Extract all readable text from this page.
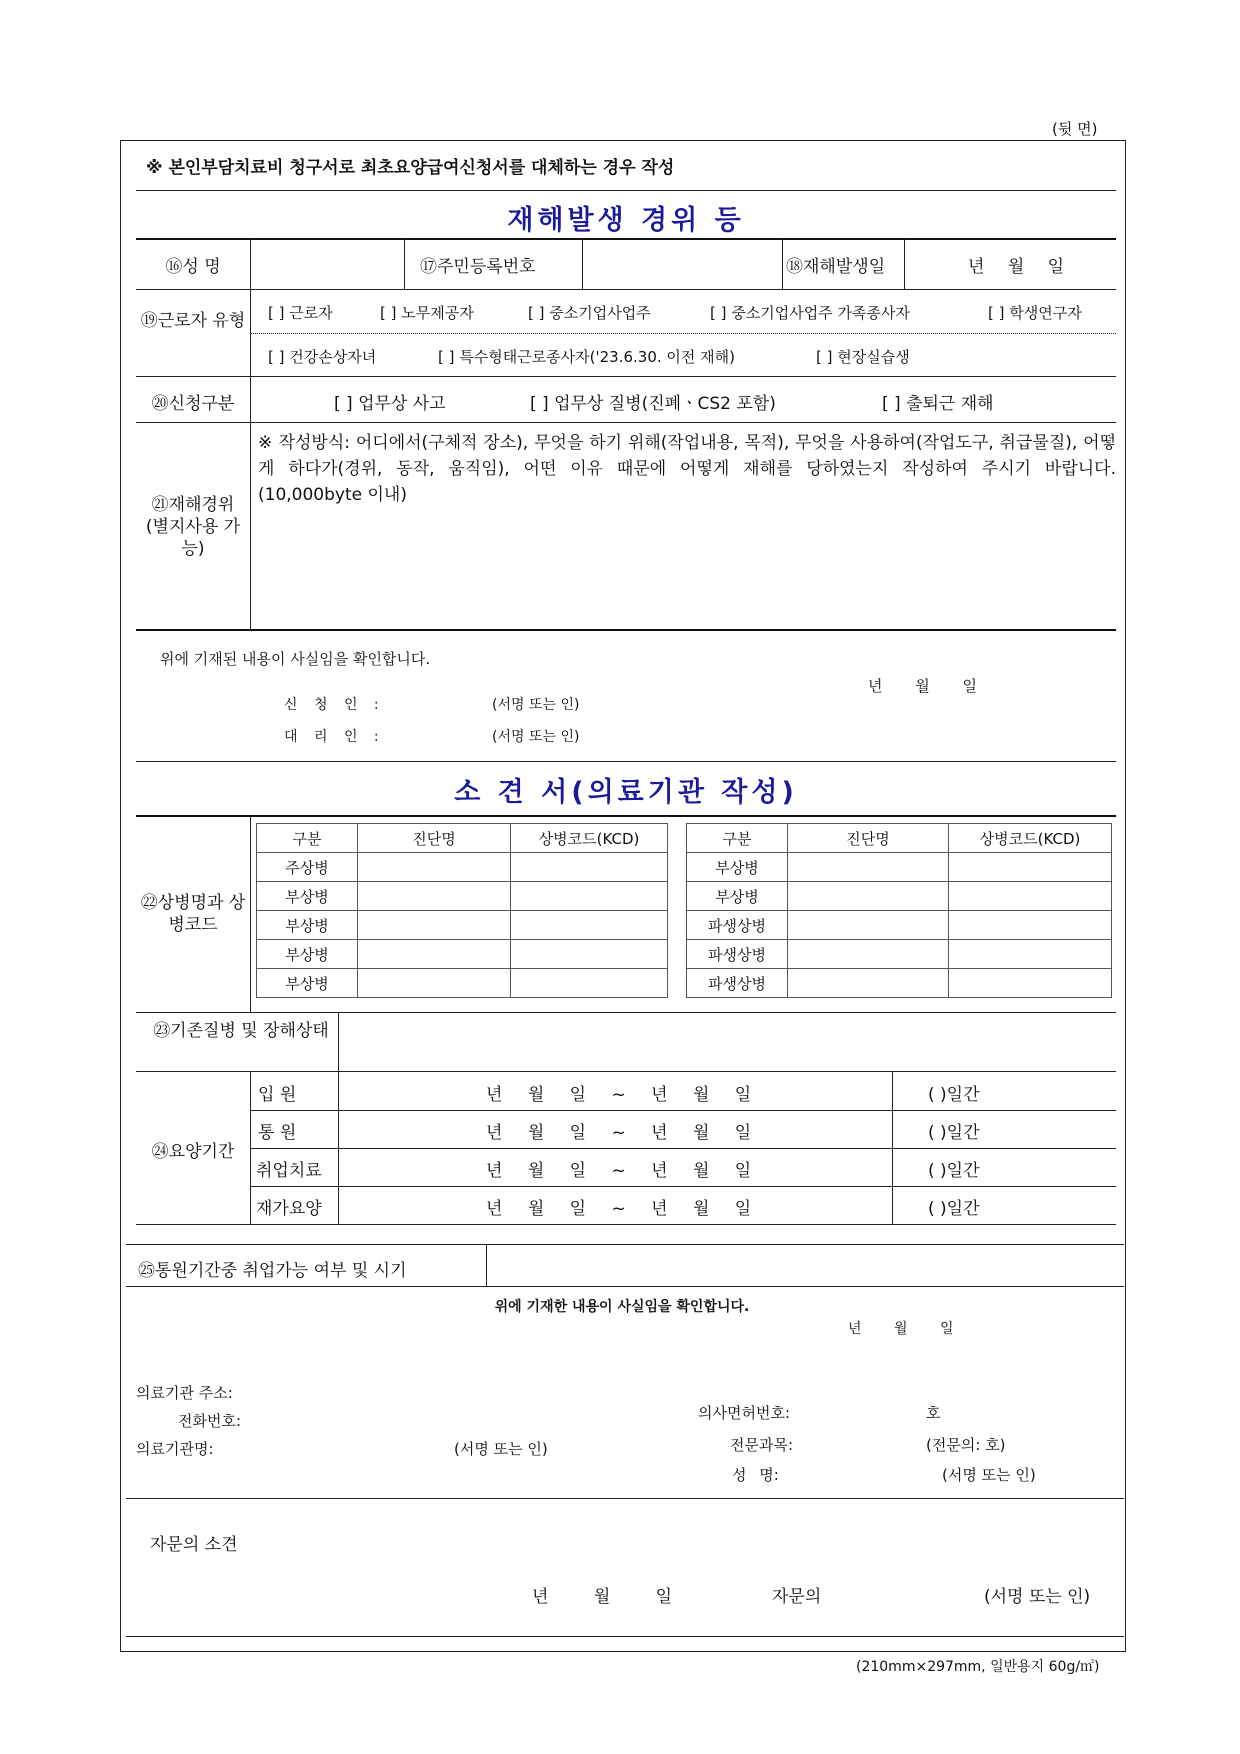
(뒷 면)
※ 본인부담치료비 청구서로 최초요양급여신청서를 대체하는 경우 작성
재해발생 경위 등
⑯성 명	⑰주민등록번호	⑱재해발생일	년 월 일
⑲근로자 유형	[ ] 근로자	[ ] 노무제공자	[ ] 중소기업사업주	[ ] 중소기업사업주 가족종사자	[ ] 학생연구자
[ ] 건강손상자녀	[ ] 특수형태근로종사자('23.6.30. 이전 재해)	[ ] 현장실습생
⑳신청구분	[ ] 업무상 사고	[ ] 업무상 질병(진폐ㆍCS2 포함)	[ ] 출퇴근 재해
㉑재해경위 (별지사용 가능)
※ 작성방식: 어디에서(구체적 장소), 무엇을 하기 위해(작업내용, 목적), 무엇을 사용하여(작업도구, 취급물질), 어떻게 하다가(경위, 동작, 움직임), 어떤 이유 때문에 어떻게 재해를 당하였는지 작성하여 주시기 바랍니다. (10,000byte 이내)
위에 기재된 내용이 사실임을 확인합니다.
년 월 일
신 청 인 :	(서명 또는 인)
대 리 인 :	(서명 또는 인)
소 견 서(의료기관 작성)
㉒상병명과 상병코드
구분	진단명	상병코드(KCD)
주상병		
부상병		
부상병		
부상병		
부상병		
구분	진단명	상병코드(KCD)
부상병		
부상병		
파생상병		
파생상병		
파생상병		
㉓기존질병 및 장해상태
㉔요양기간
입 원	년 월 일 ~ 년 월 일	( )일간
통 원	년 월 일 ~ 년 월 일	( )일간
취업치료	년 월 일 ~ 년 월 일	( )일간
재가요양	년 월 일 ~ 년 월 일	( )일간
㉕통원기간중 취업가능 여부 및 시기
위에 기재한 내용이 사실임을 확인합니다.
년 월 일
의료기관 주소:
전화번호:
의료기관명:	(서명 또는 인)
의사면허번호:	호
전문과목:	(전문의: 호)
성 명:	(서명 또는 인)
자문의 소견
년 월 일	자문의	(서명 또는 인)
(210mm×297mm, 일반용지 60g/㎡)
